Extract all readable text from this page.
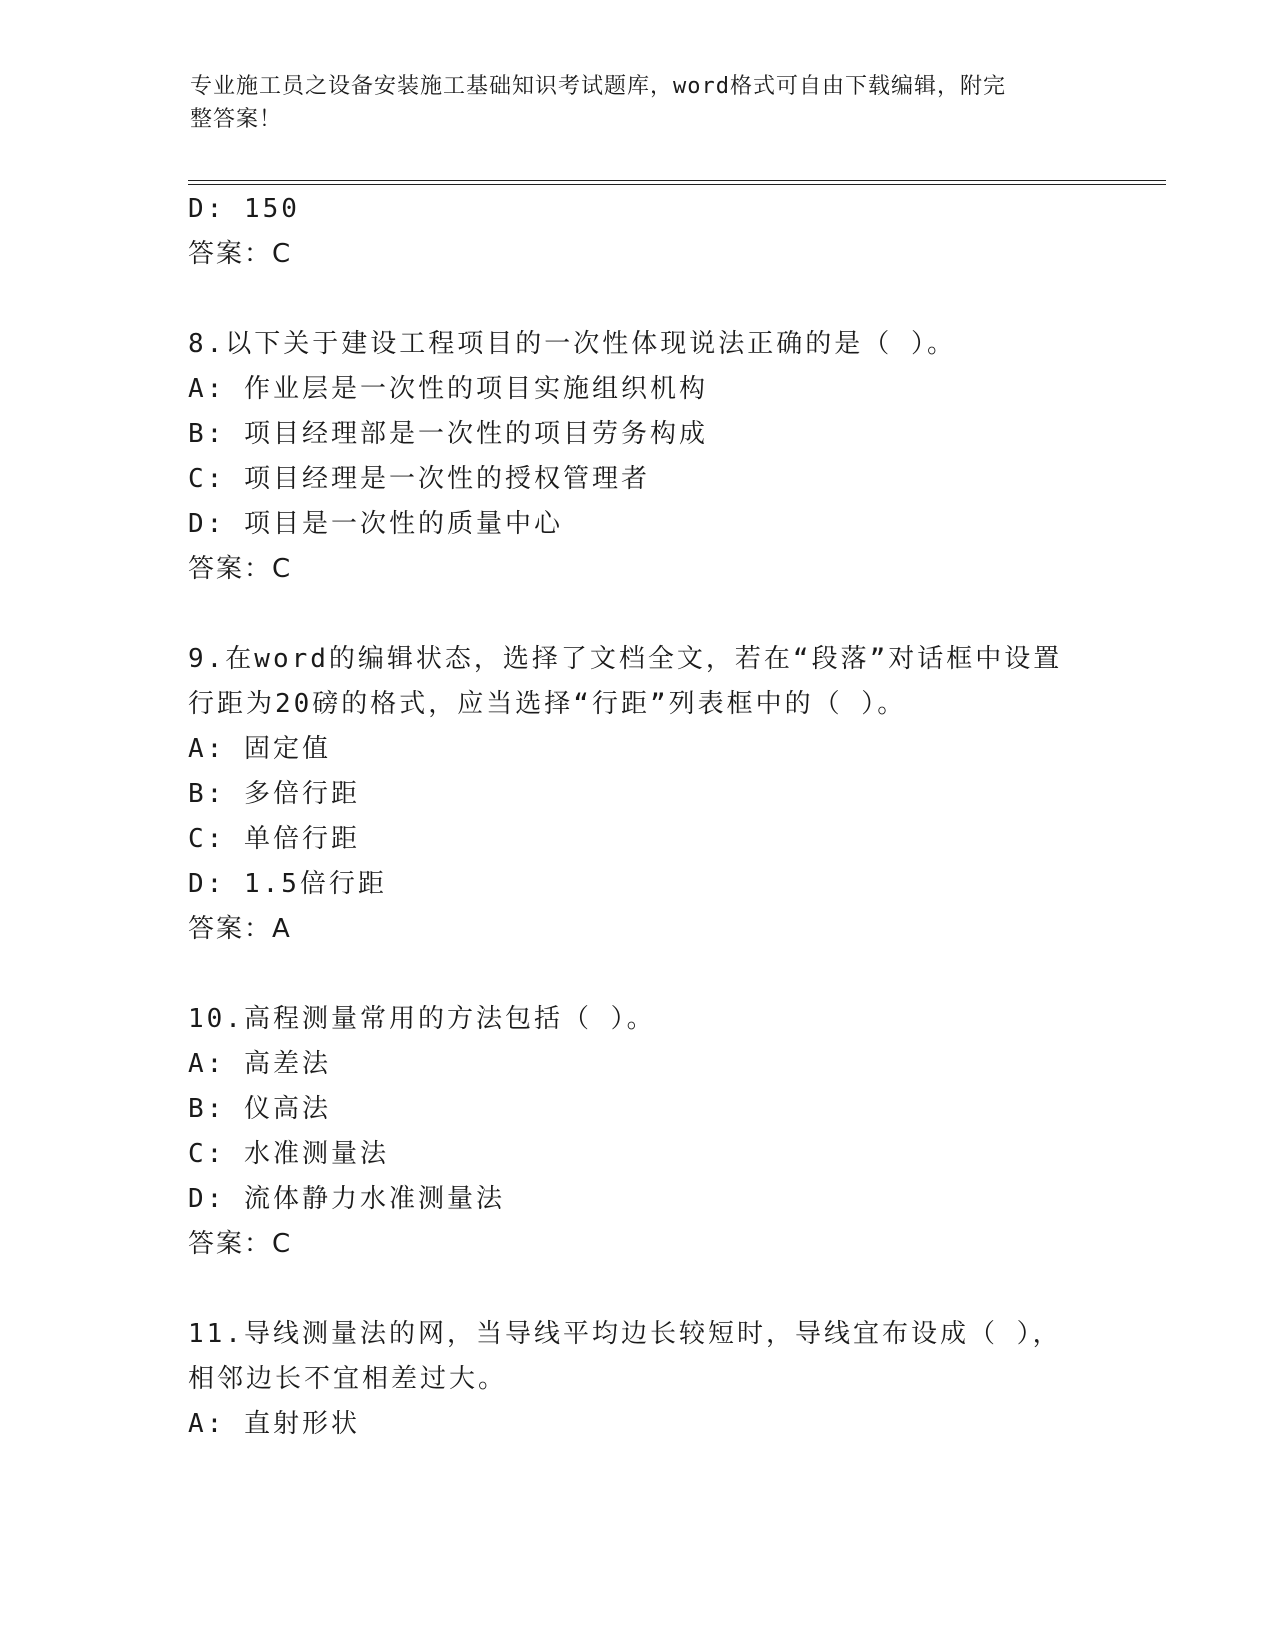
专业施工员之设备安装施工基础知识考试题库，word格式可自由下载编辑，附完
整答案！
D: 150
答案：C
8.以下关于建设工程项目的一次性体现说法正确的是（ ）。
A: 作业层是一次性的项目实施组织机构
B: 项目经理部是一次性的项目劳务构成
C: 项目经理是一次性的授权管理者
D: 项目是一次性的质量中心
答案：C
9.在word的编辑状态，选择了文档全文，若在“段落”对话框中设置
行距为20磅的格式，应当选择“行距”列表框中的（ ）。
A: 固定值
B: 多倍行距
C: 单倍行距
D: 1.5倍行距
答案：A
10.高程测量常用的方法包括（ ）。
A: 高差法
B: 仪高法
C: 水准测量法
D: 流体静力水准测量法
答案：C
11.导线测量法的网，当导线平均边长较短时，导线宜布设成（ ），
相邻边长不宜相差过大。
A: 直射形状
